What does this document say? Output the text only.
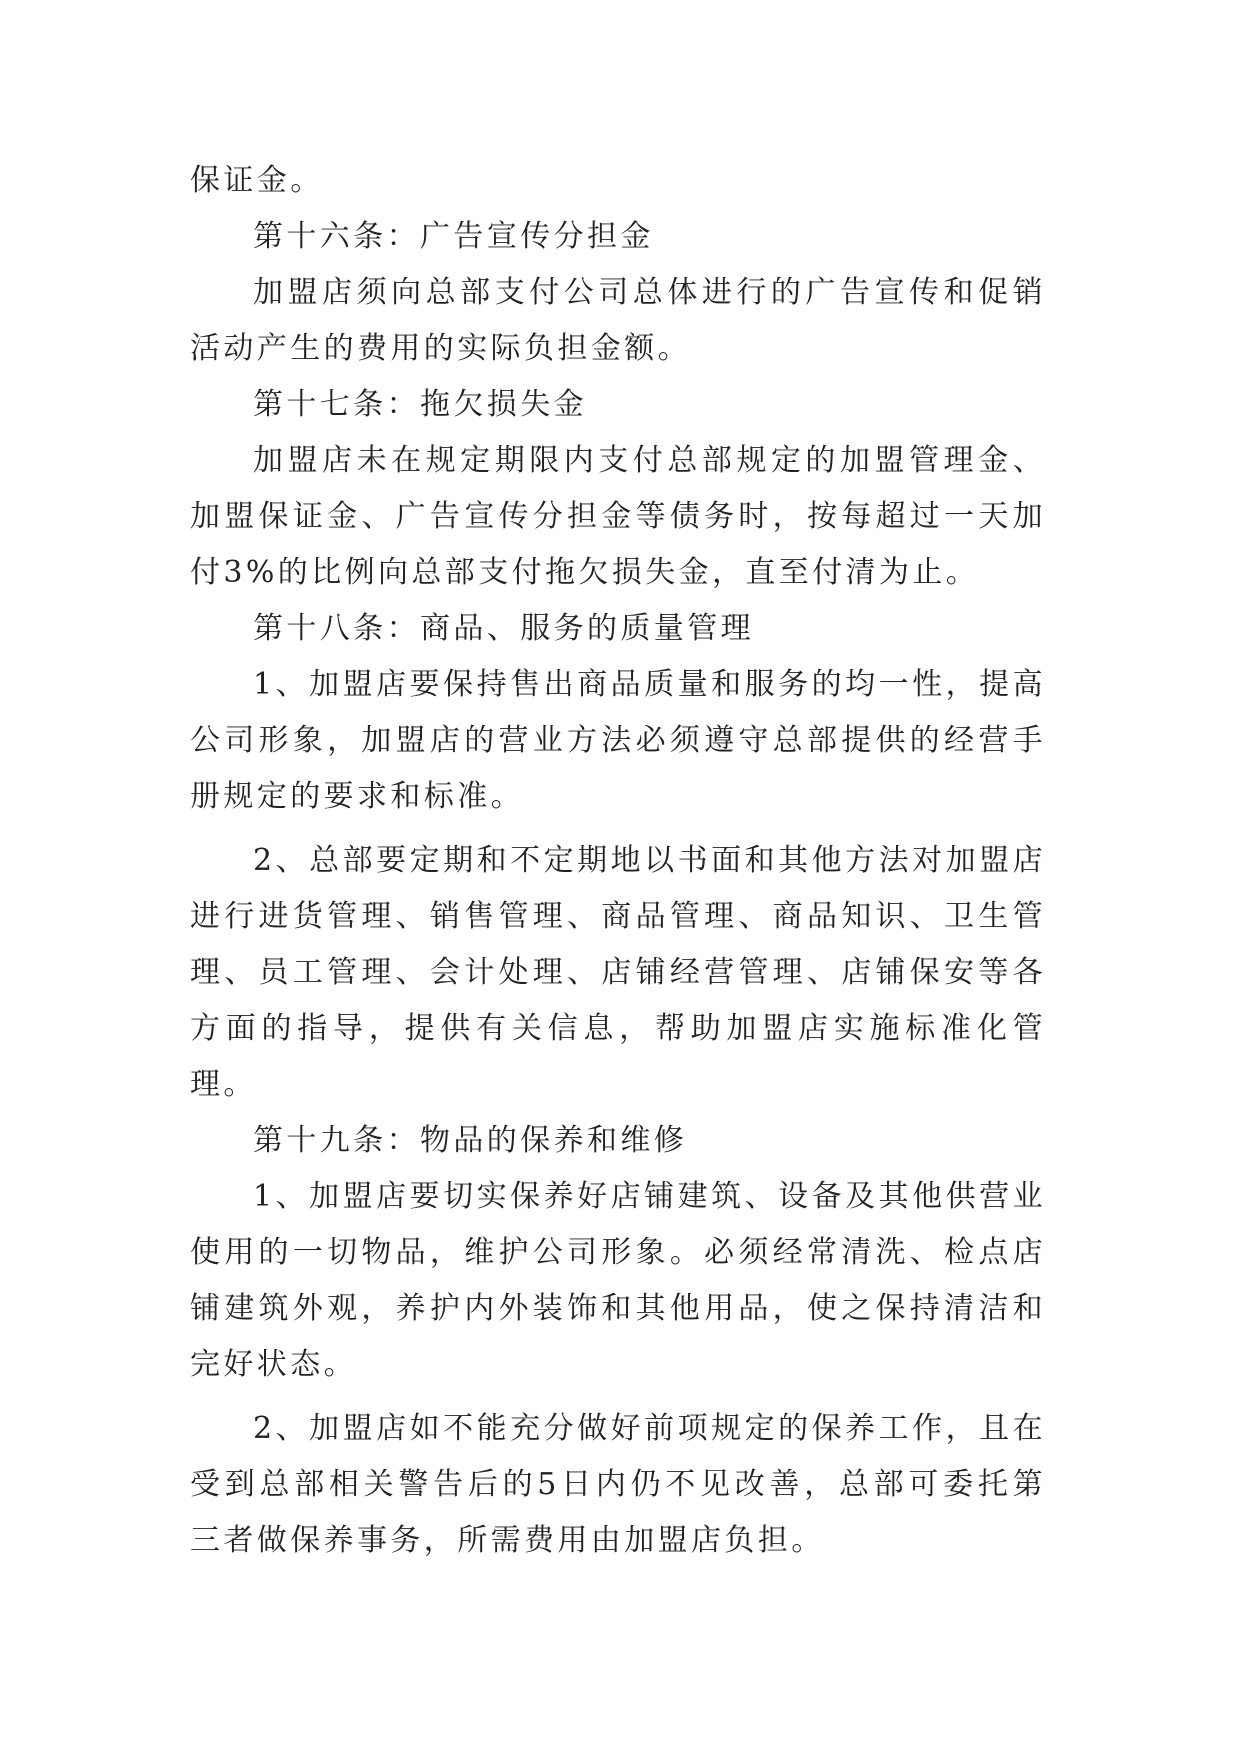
保证金。

第十六条：广告宣传分担金

加盟店须向总部支付公司总体进行的广告宣传和促销活动产生的费用的实际负担金额。

第十七条：拖欠损失金

加盟店未在规定期限内支付总部规定的加盟管理金、加盟保证金、广告宣传分担金等债务时，按每超过一天加付3%的比例向总部支付拖欠损失金，直至付清为止。

第十八条：商品、服务的质量管理

1、加盟店要保持售出商品质量和服务的均一性，提高公司形象，加盟店的营业方法必须遵守总部提供的经营手册规定的要求和标准。

2、总部要定期和不定期地以书面和其他方法对加盟店进行进货管理、销售管理、商品管理、商品知识、卫生管理、员工管理、会计处理、店铺经营管理、店铺保安等各方面的指导，提供有关信息，帮助加盟店实施标准化管理。

第十九条：物品的保养和维修

1、加盟店要切实保养好店铺建筑、设备及其他供营业使用的一切物品，维护公司形象。必须经常清洗、检点店铺建筑外观，养护内外装饰和其他用品，使之保持清洁和完好状态。

2、加盟店如不能充分做好前项规定的保养工作，且在受到总部相关警告后的5日内仍不见改善，总部可委托第三者做保养事务，所需费用由加盟店负担。
